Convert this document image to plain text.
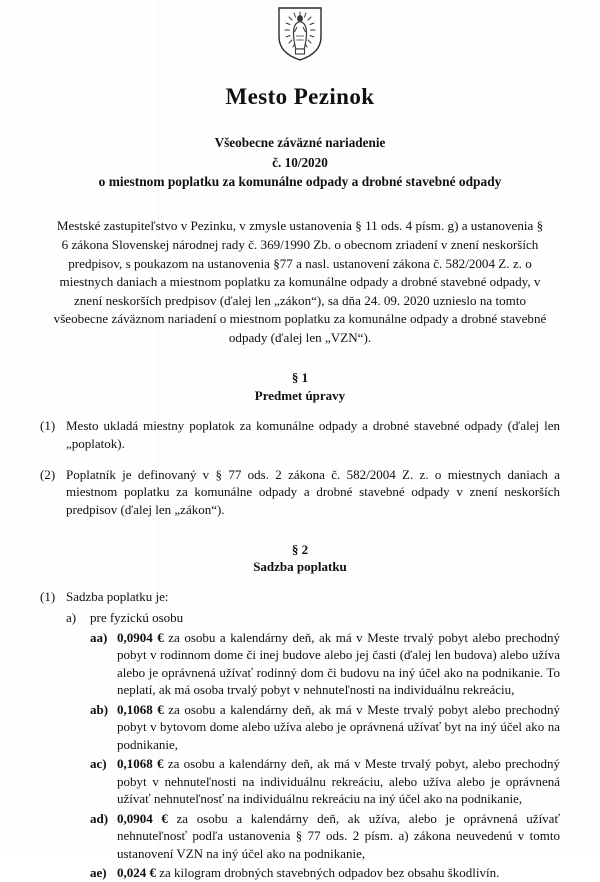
Mesto Pezinok
Všeobecne záväzné nariadenie
č. 10/2020
o miestnom poplatku za komunálne odpady a drobné stavebné odpady

Mestské zastupiteľstvo v Pezinku, v zmysle ustanovenia § 11 ods. 4 písm. g) a ustanovenia § 6 zákona Slovenskej národnej rady č. 369/1990 Zb. o obecnom zriadení v znení neskorších predpisov, s poukazom na ustanovenia §77 a nasl. ustanovení zákona č. 582/2004 Z. z. o miestnych daniach a miestnom poplatku za komunálne odpady a drobné stavebné odpady, v znení neskorších predpisov (ďalej len „zákon“), sa dňa 24. 09. 2020 uznieslo na tomto všeobecne záväznom nariadení o miestnom poplatku za komunálne odpady a drobné stavebné odpady (ďalej len „VZN“).

§ 1
Predmet úpravy
(1) Mesto ukladá miestny poplatok za komunálne odpady a drobné stavebné odpady (ďalej len „poplatok).
(2) Poplatník je definovaný v § 77 ods. 2 zákona č. 582/2004 Z. z. o miestnych daniach a miestnom poplatku za komunálne odpady a drobné stavebné odpady v znení neskorších predpisov (ďalej len „zákon“).
§ 2
Sadzba poplatku
(1) Sadzba poplatku je:
a)	pre fyzickú osobu
aa) 0,0904 € za osobu a kalendárny deň, ak má v Meste trvalý pobyt alebo prechodný pobyt v rodinnom dome či inej budove alebo jej časti (ďalej len budova) alebo užíva alebo je oprávnená užívať rodinný dom či budovu na iný účel ako na podnikanie. To neplatí, ak má osoba trvalý pobyt v nehnuteľnosti na individuálnu rekreáciu,
ab) 0,1068 € za osobu a kalendárny deň, ak má v Meste trvalý pobyt alebo prechodný pobyt v bytovom dome alebo užíva alebo je oprávnená užívať byt na iný účel ako na podnikanie,
ac) 0,1068 € za osobu a kalendárny deň, ak má v Meste trvalý pobyt, alebo prechodný pobyt v nehnuteľnosti na individuálnu rekreáciu, alebo užíva alebo je oprávnená užívať nehnuteľnosť na individuálnu rekreáciu na iný účel ako na podnikanie,
ad) 0,0904 € za osobu a kalendárny deň, ak užíva, alebo je oprávnená užívať nehnuteľnosť podľa ustanovenia § 77 ods. 2 písm. a) zákona neuvedenú v tomto ustanovení VZN na iný účel ako na podnikanie,
ae) 0,024 € za kilogram drobných stavebných odpadov bez obsahu škodlivín.
